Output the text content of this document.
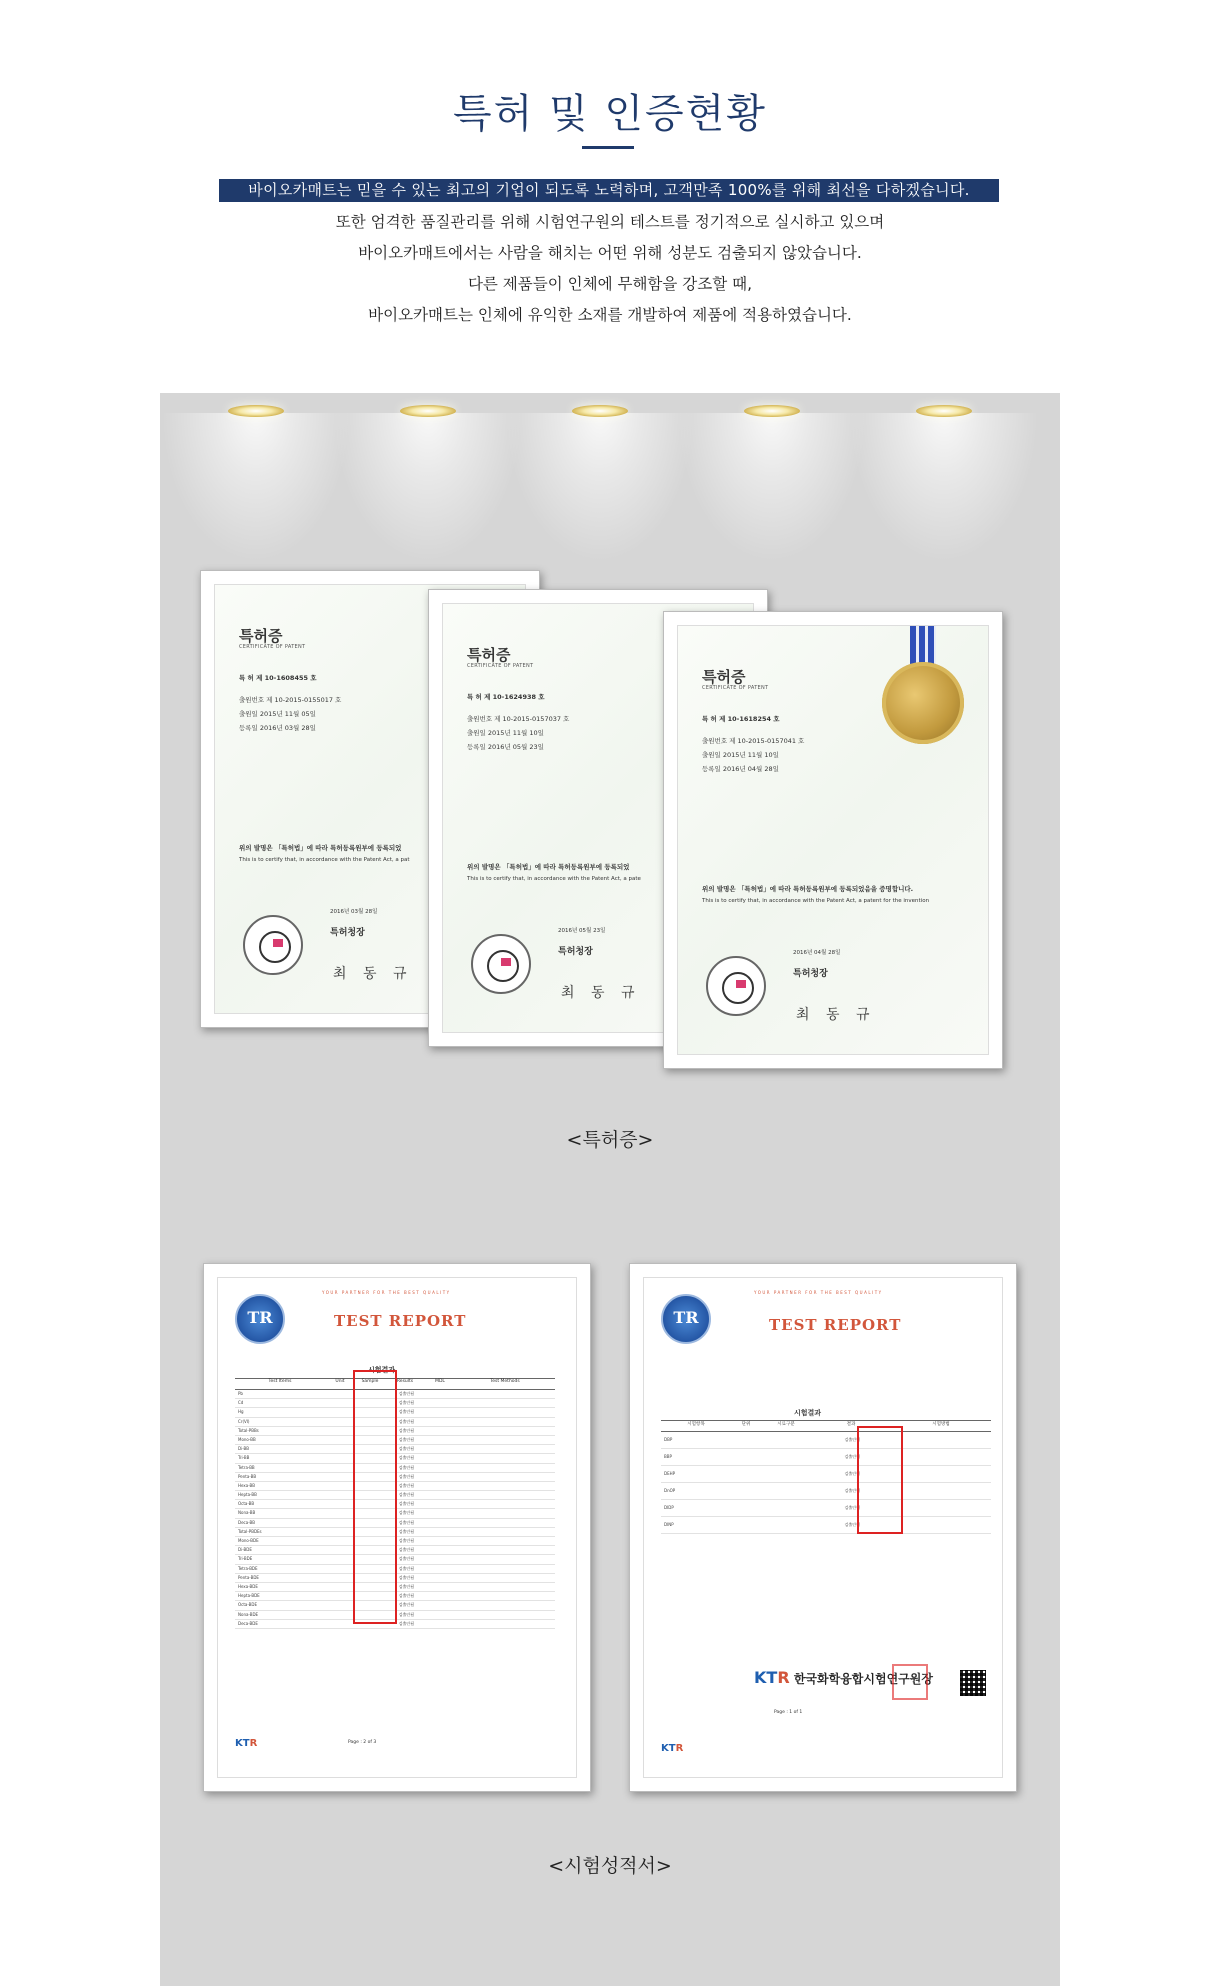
특허 및 인증현황
바이오카매트는 믿을 수 있는 최고의 기업이 되도록 노력하며, 고객만족 100%를 위해 최선을 다하겠습니다.
또한 엄격한 품질관리를 위해 시험연구원의 테스트를 정기적으로 실시하고 있으며
바이오카매트에서는 사람을 해치는 어떤 위해 성분도 검출되지 않았습니다.
다른 제품들이 인체에 무해함을 강조할 때,
바이오카매트는 인체에 유익한 소재를 개발하여 제품에 적용하였습니다.
특허증
CERTIFICATE OF PATENT
특 허 제 10-1608455 호
출원번호 제 10-2015-0155017 호
출원일 2015년 11월 05일
등록일 2016년 03월 28일
위의 발명은 「특허법」에 따라 특허등록원부에 등록되었
This is to certify that, in accordance with the Patent Act, a pat
2016년 03월 28일
특허청장
최 동 규
특허증
CERTIFICATE OF PATENT
특 허 제 10-1624938 호
출원번호 제 10-2015-0157037 호
출원일 2015년 11월 10일
등록일 2016년 05월 23일
위의 발명은 「특허법」에 따라 특허등록원부에 등록되었
This is to certify that, in accordance with the Patent Act, a pate
2016년 05월 23일
특허청장
최 동 규
특허증
CERTIFICATE OF PATENT
특 허 제 10-1618254 호
출원번호 제 10-2015-0157041 호
출원일 2015년 11월 10일
등록일 2016년 04월 28일
위의 발명은 「특허법」에 따라 특허등록원부에 등록되었음을 증명합니다.
This is to certify that, in accordance with the Patent Act, a patent for the invention
2016년 04월 28일
특허청장
최 동 규
<특허증>
TR
YOUR PARTNER FOR THE BEST QUALITY
TEST REPORT
시험결과
Test Items	Unit	Sample	Results	MDL	Test Methods
Pb	검출안됨
Cd	검출안됨
Hg	검출안됨
Cr(VI)	검출안됨
Total-PBBs	검출안됨
Mono-BB	검출안됨
Di-BB	검출안됨
Tri-BB	검출안됨
Tetra-BB	검출안됨
Penta-BB	검출안됨
Hexa-BB	검출안됨
Hepta-BB	검출안됨
Octa-BB	검출안됨
Nona-BB	검출안됨
Deca-BB	검출안됨
Total-PBDEs	검출안됨
Mono-BDE	검출안됨
Di-BDE	검출안됨
Tri-BDE	검출안됨
Tetra-BDE	검출안됨
Penta-BDE	검출안됨
Hexa-BDE	검출안됨
Hepta-BDE	검출안됨
Octa-BDE	검출안됨
Nona-BDE	검출안됨
Deca-BDE	검출안됨
Page : 2 of 3
KTR
TR
YOUR PARTNER FOR THE BEST QUALITY
TEST REPORT
시험결과
시험항목	단위	시료구분	결과	시험방법
DBP	검출안됨
BBP	검출안됨
DEHP	검출안됨
DnOP	검출안됨
DIDP	검출안됨
DINP	검출안됨
KTR 한국화학융합시험연구원장
Page : 1 of 1
KTR
<시험성적서>
